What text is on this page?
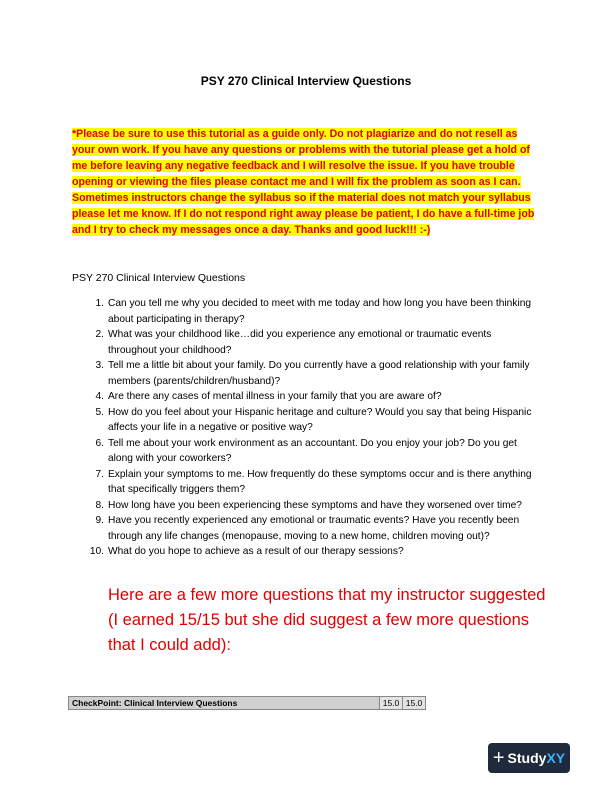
PSY 270 Clinical Interview Questions
*Please be sure to use this tutorial as a guide only. Do not plagiarize and do not resell as your own work. If you have any questions or problems with the tutorial please get a hold of me before leaving any negative feedback and I will resolve the issue. If you have trouble opening or viewing the files please contact me and I will fix the problem as soon as I can. Sometimes instructors change the syllabus so if the material does not match your syllabus please let me know. If I do not respond right away please be patient, I do have a full-time job and I try to check my messages once a day. Thanks and good luck!!! :-)
PSY 270 Clinical Interview Questions
1. Can you tell me why you decided to meet with me today and how long you have been thinking about participating in therapy?
2. What was your childhood like…did you experience any emotional or traumatic events throughout your childhood?
3. Tell me a little bit about your family. Do you currently have a good relationship with your family members (parents/children/husband)?
4. Are there any cases of mental illness in your family that you are aware of?
5. How do you feel about your Hispanic heritage and culture? Would you say that being Hispanic affects your life in a negative or positive way?
6. Tell me about your work environment as an accountant. Do you enjoy your job? Do you get along with your coworkers?
7. Explain your symptoms to me. How frequently do these symptoms occur and is there anything that specifically triggers them?
8. How long have you been experiencing these symptoms and have they worsened over time?
9. Have you recently experienced any emotional or traumatic events? Have you recently been through any life changes (menopause, moving to a new home, children moving out)?
10. What do you hope to achieve as a result of our therapy sessions?
Here are a few more questions that my instructor suggested (I earned 15/15 but she did suggest a few more questions that I could add):
CheckPoint: Clinical Interview Questions	15.0 15.0
+ Study XY
